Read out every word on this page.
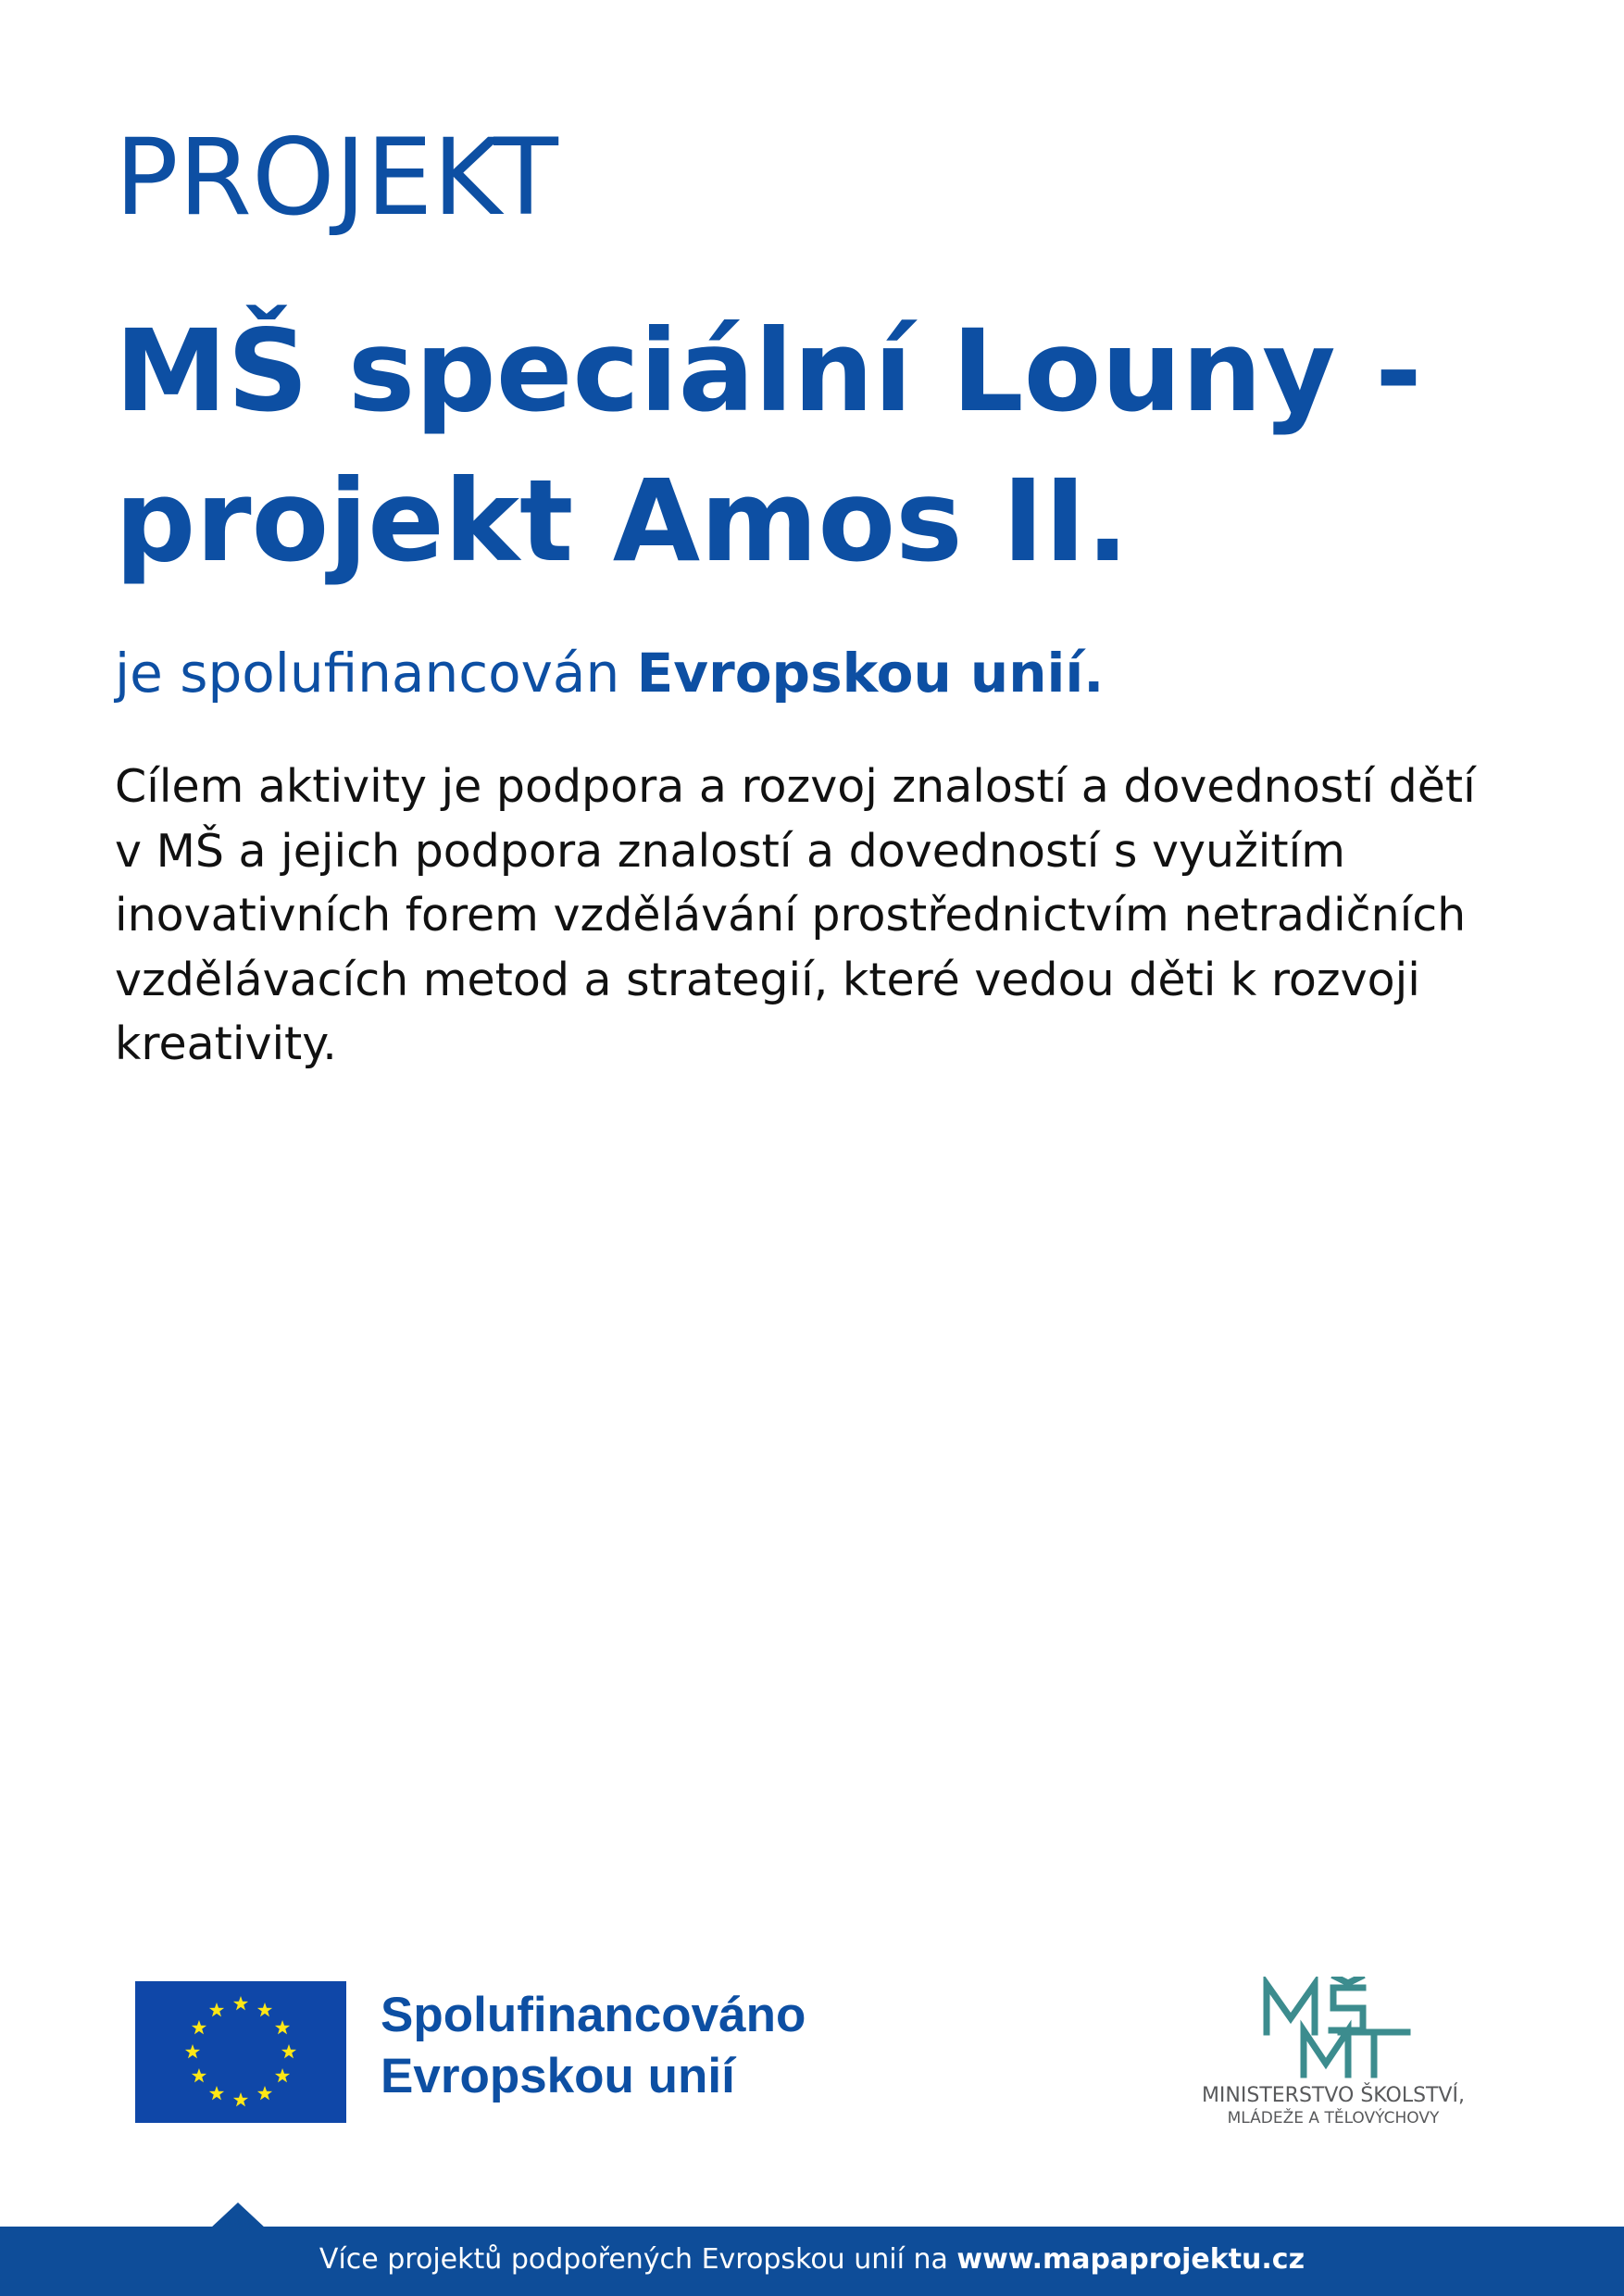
PROJEKT
MŠ speciální Louny -
projekt Amos II.

je spolufinancován Evropskou unií.

Cílem aktivity je podpora a rozvoj znalostí a dovedností dětí
v MŠ a jejich podpora znalostí a dovedností s využitím
inovativních forem vzdělávání prostřednictvím netradičních
vzdělávacích metod a strategií, které vedou děti k rozvoji
kreativity.
Spolufinancováno
Evropskou unií	MINISTERSTVO ŠKOLSTVÍ,
MLÁDEŽE A TĚLOVÝCHOVY
Více projektů podpořených Evropskou unií na www.mapaprojektu.cz
